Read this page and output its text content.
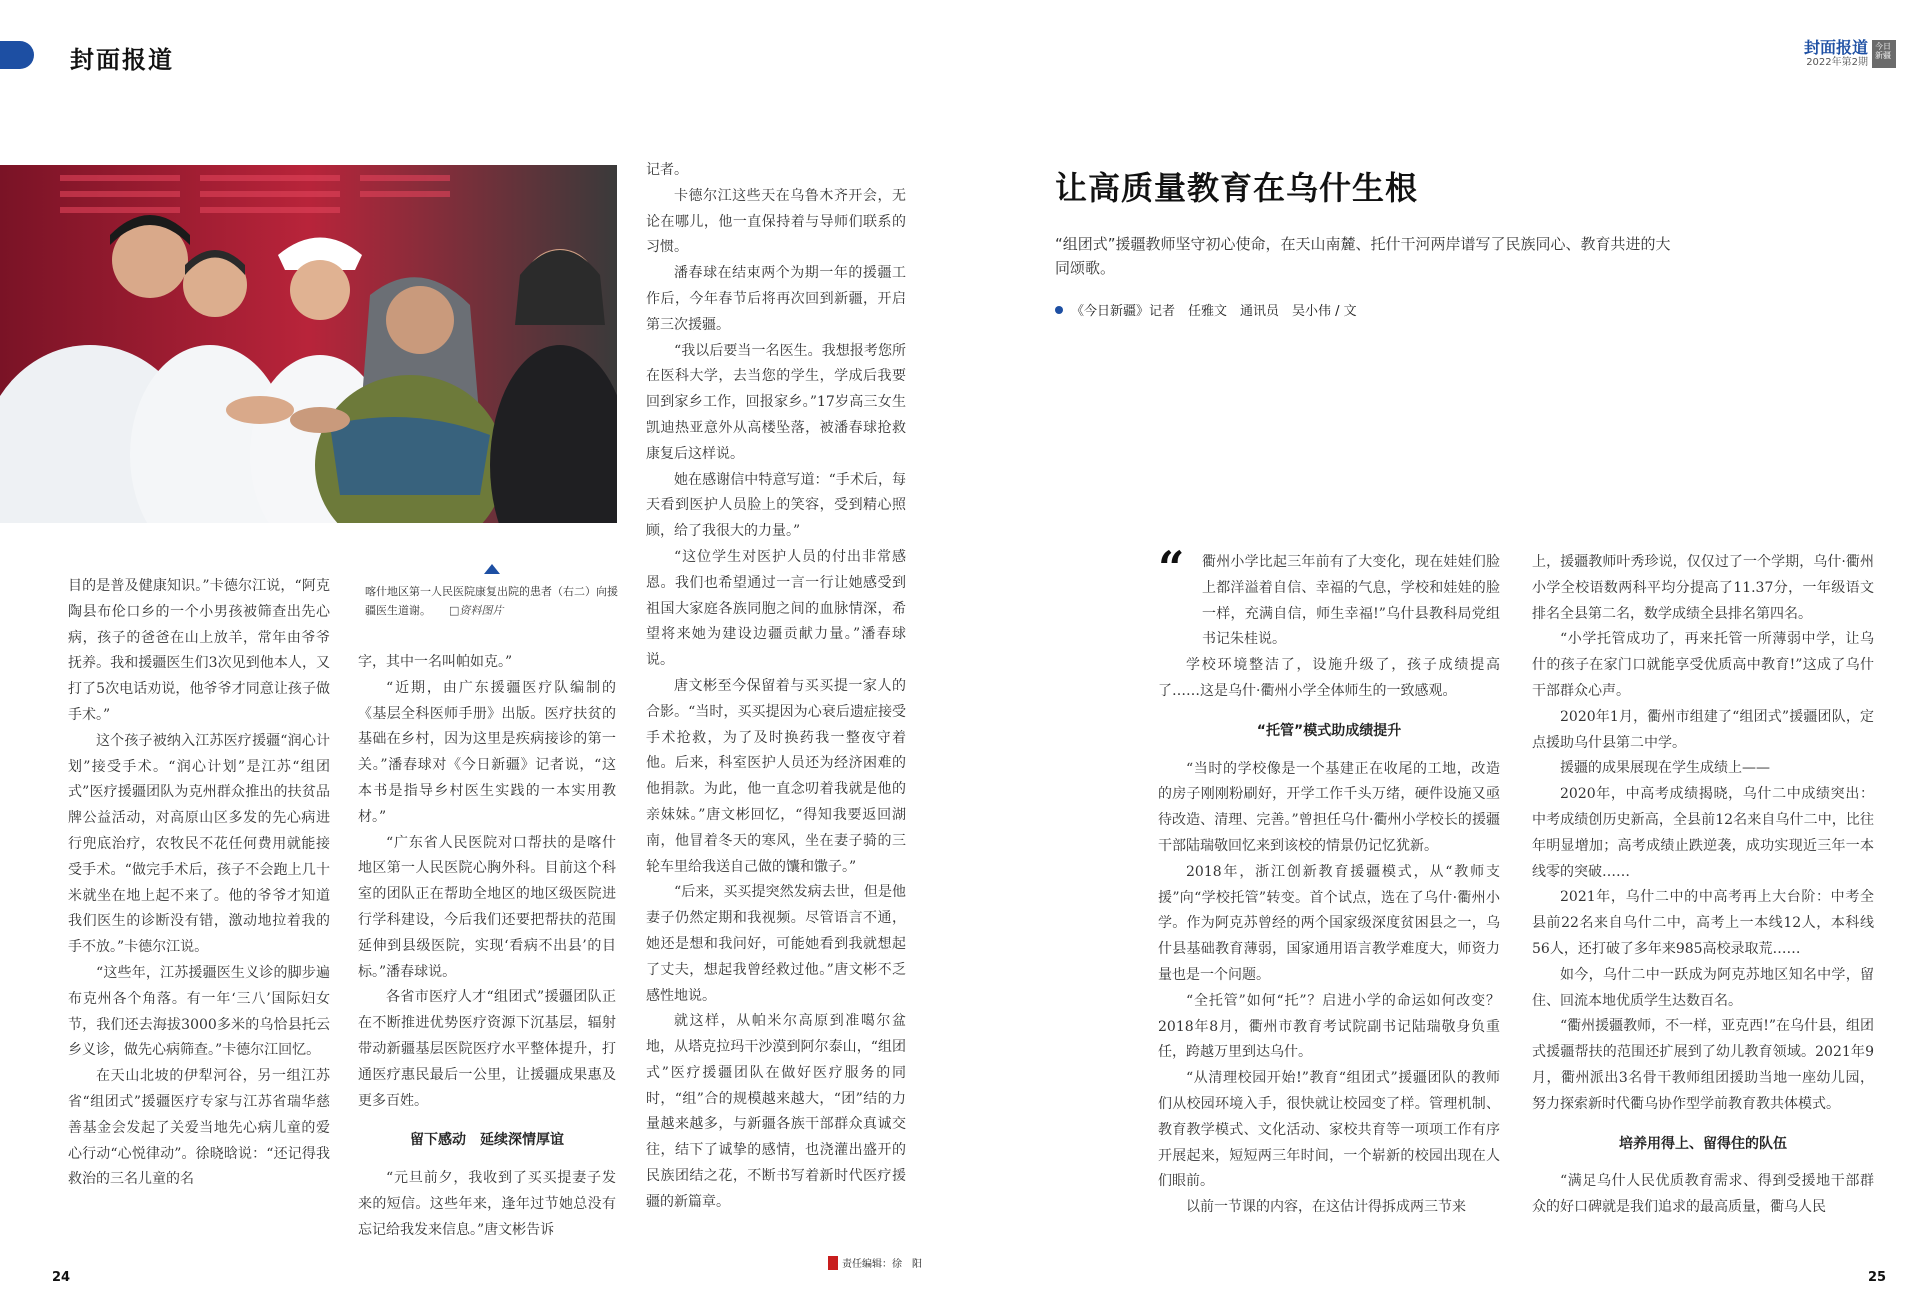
封面报道	封面报道
2022年第2期
今日新疆
喀什地区第一人民医院康复出院的患者（右二）向援疆医生道谢。 □资料图片

目的是普及健康知识。”卡德尔江说，“阿克陶县布伦口乡的一个小男孩被筛查出先心病，孩子的爸爸在山上放羊，常年由爷爷抚养。我和援疆医生们3次见到他本人，又打了5次电话劝说，他爷爷才同意让孩子做手术。”

这个孩子被纳入江苏医疗援疆“润心计划”接受手术。“润心计划”是江苏“组团式”医疗援疆团队为克州群众推出的扶贫品牌公益活动，对高原山区多发的先心病进行兜底治疗，农牧民不花任何费用就能接受手术。“做完手术后，孩子不会跑上几十米就坐在地上起不来了。他的爷爷才知道我们医生的诊断没有错，激动地拉着我的手不放。”卡德尔江说。

“这些年，江苏援疆医生义诊的脚步遍布克州各个角落。有一年‘三八’国际妇女节，我们还去海拔3000多米的乌恰县托云乡义诊，做先心病筛查。”卡德尔江回忆。

在天山北坡的伊犁河谷，另一组江苏省“组团式”援疆医疗专家与江苏省瑞华慈善基金会发起了关爱当地先心病儿童的爱心行动“心悦律动”。徐晓晗说：“还记得我救治的三名儿童的名

字，其中一名叫帕如克。”

“近期，由广东援疆医疗队编制的《基层全科医师手册》出版。医疗扶贫的基础在乡村，因为这里是疾病接诊的第一关。”潘春球对《今日新疆》记者说，“这本书是指导乡村医生实践的一本实用教材。”

“广东省人民医院对口帮扶的是喀什地区第一人民医院心胸外科。目前这个科室的团队正在帮助全地区的地区级医院进行学科建设，今后我们还要把帮扶的范围延伸到县级医院，实现‘看病不出县’的目标。”潘春球说。

各省市医疗人才“组团式”援疆团队正在不断推进优势医疗资源下沉基层，辐射带动新疆基层医院医疗水平整体提升，打通医疗惠民最后一公里，让援疆成果惠及更多百姓。

留下感动　延续深情厚谊

“元旦前夕，我收到了买买提妻子发来的短信。这些年来，逢年过节她总没有忘记给我发来信息。”唐文彬告诉

记者。

卡德尔江这些天在乌鲁木齐开会，无论在哪儿，他一直保持着与导师们联系的习惯。

潘春球在结束两个为期一年的援疆工作后，今年春节后将再次回到新疆，开启第三次援疆。

“我以后要当一名医生。我想报考您所在医科大学，去当您的学生，学成后我要回到家乡工作，回报家乡。”17岁高三女生凯迪热亚意外从高楼坠落，被潘春球抢救康复后这样说。

她在感谢信中特意写道：“手术后，每天看到医护人员脸上的笑容，受到精心照顾，给了我很大的力量。”

“这位学生对医护人员的付出非常感恩。我们也希望通过一言一行让她感受到祖国大家庭各族同胞之间的血脉情深，希望将来她为建设边疆贡献力量。”潘春球说。

唐文彬至今保留着与买买提一家人的合影。“当时，买买提因为心衰后遗症接受手术抢救，为了及时换药我一整夜守着他。后来，科室医护人员还为经济困难的他捐款。为此，他一直念叨着我就是他的亲妹妹。”唐文彬回忆，“得知我要返回湖南，他冒着冬天的寒风，坐在妻子骑的三轮车里给我送自己做的馕和馓子。”

“后来，买买提突然发病去世，但是他妻子仍然定期和我视频。尽管语言不通，她还是想和我问好，可能她看到我就想起了丈夫，想起我曾经救过他。”唐文彬不乏感性地说。

就这样，从帕米尔高原到准噶尔盆地，从塔克拉玛干沙漠到阿尔泰山，“组团式”医疗援疆团队在做好医疗服务的同时，“组”合的规模越来越大，“团”结的力量越来越多，与新疆各族干部群众真诚交往，结下了诚挚的感情，也浇灌出盛开的民族团结之花，不断书写着新时代医疗援疆的新篇章。

责任编辑：徐　阳
24
让高质量教育在乌什生根
“组团式”援疆教师坚守初心使命，在天山南麓、托什干河两岸谱写了民族同心、教育共进的大同颂歌。
《今日新疆》记者　任雅文　通讯员　吴小伟 / 文
“	衢州小学比起三年前有了大变化，现在娃娃们脸上都洋溢着自信、幸福的气息，学校和娃娃的脸一样，充满自信，师生幸福!”乌什县教科局党组书记朱桂说。

学校环境整洁了，设施升级了，孩子成绩提高了……这是乌什·衢州小学全体师生的一致感观。

“托管”模式助成绩提升

“当时的学校像是一个基建正在收尾的工地，改造的房子刚刚粉刷好，开学工作千头万绪，硬件设施又亟待改造、清理、完善。”曾担任乌什·衢州小学校长的援疆干部陆瑞敬回忆来到该校的情景仍记忆犹新。

2018年，浙江创新教育援疆模式，从“教师支援”向“学校托管”转变。首个试点，选在了乌什·衢州小学。作为阿克苏曾经的两个国家级深度贫困县之一，乌什县基础教育薄弱，国家通用语言教学难度大，师资力量也是一个问题。

“全托管”如何“托”？启进小学的命运如何改变？2018年8月，衢州市教育考试院副书记陆瑞敬身负重任，跨越万里到达乌什。

“从清理校园开始!”教育“组团式”援疆团队的教师们从校园环境入手，很快就让校园变了样。管理机制、教育教学模式、文化活动、家校共育等一项项工作有序开展起来，短短两三年时间，一个崭新的校园出现在人们眼前。

以前一节课的内容，在这估计得拆成两三节来

上，援疆教师叶秀珍说，仅仅过了一个学期，乌什·衢州小学全校语数两科平均分提高了11.37分，一年级语文排名全县第二名，数学成绩全县排名第四名。

“小学托管成功了，再来托管一所薄弱中学，让乌什的孩子在家门口就能享受优质高中教育!”这成了乌什干部群众心声。

2020年1月，衢州市组建了“组团式”援疆团队，定点援助乌什县第二中学。

援疆的成果展现在学生成绩上——

2020年，中高考成绩揭晓，乌什二中成绩突出：中考成绩创历史新高，全县前12名来自乌什二中，比往年明显增加；高考成绩止跌逆袭，成功实现近三年一本线零的突破……

2021年，乌什二中的中高考再上大台阶：中考全县前22名来自乌什二中，高考上一本线12人，本科线56人，还打破了多年来985高校录取荒……

如今，乌什二中一跃成为阿克苏地区知名中学，留住、回流本地优质学生达数百名。

“衢州援疆教师，不一样，亚克西!”在乌什县，组团式援疆帮扶的范围还扩展到了幼儿教育领域。2021年9月，衢州派出3名骨干教师组团援助当地一座幼儿园，努力探索新时代衢乌协作型学前教育教共体模式。

培养用得上、留得住的队伍

“满足乌什人民优质教育需求、得到受援地干部群众的好口碑就是我们追求的最高质量，衢乌人民

25
